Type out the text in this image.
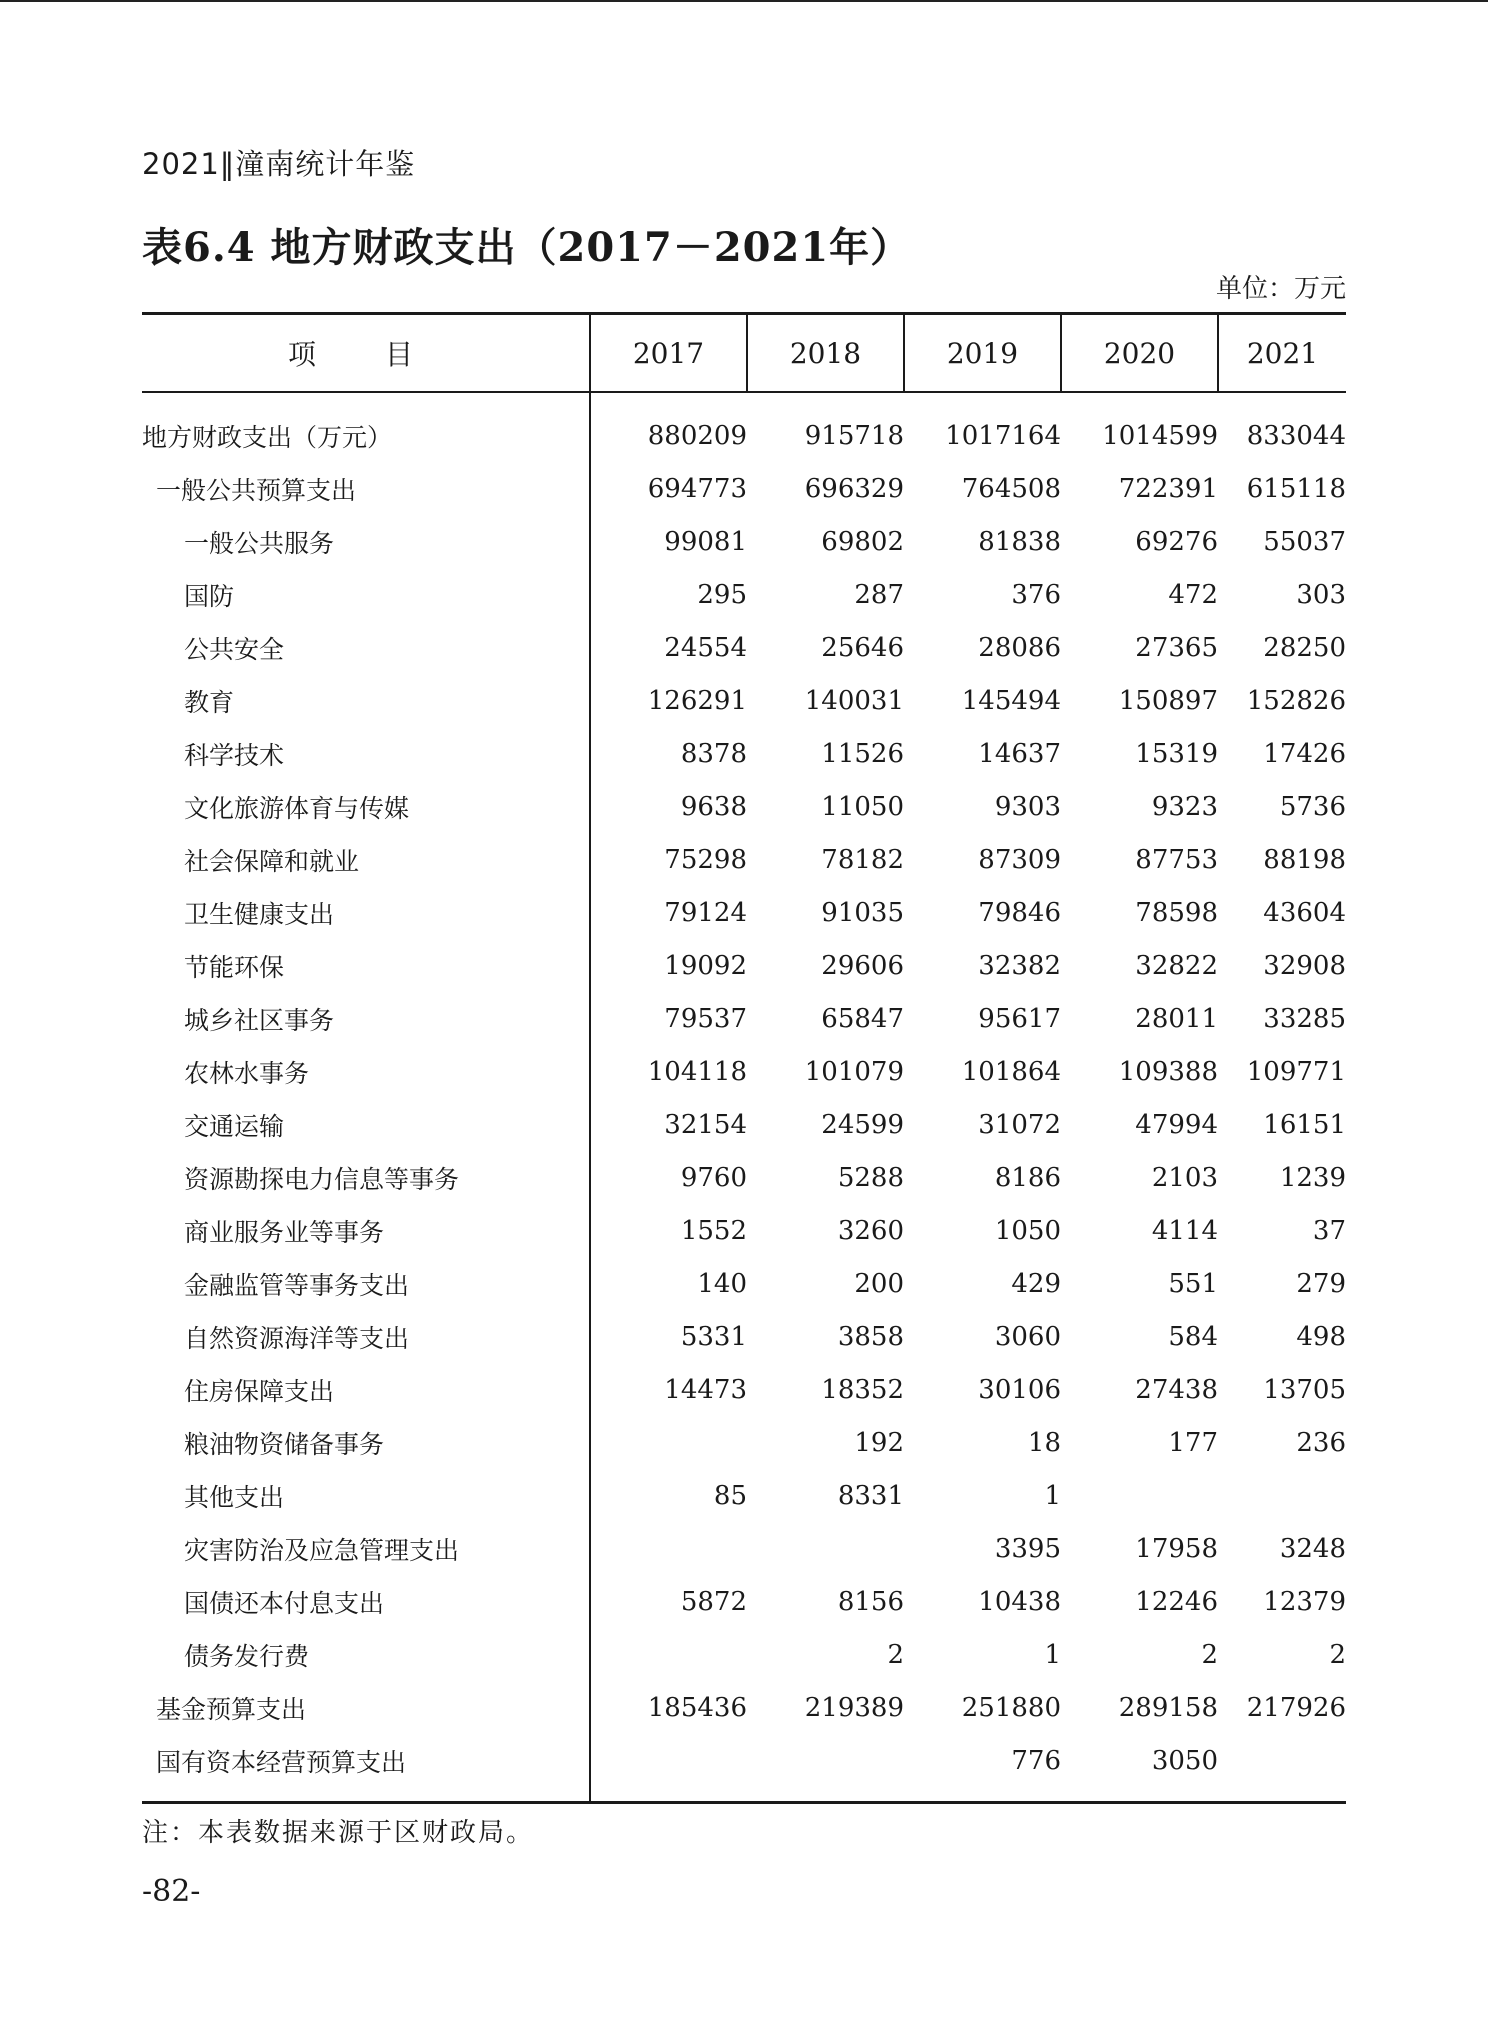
2021‖潼南统计年鉴
表6.4 地方财政支出（2017－2021年）
单位：万元
项 目	2017	2018	2019	2020	2021
地方财政支出（万元）	880209	915718	1017164	1014599	833044
一般公共预算支出	694773	696329	764508	722391	615118
一般公共服务	99081	69802	81838	69276	55037
国防	295	287	376	472	303
公共安全	24554	25646	28086	27365	28250
教育	126291	140031	145494	150897	152826
科学技术	8378	11526	14637	15319	17426
文化旅游体育与传媒	9638	11050	9303	9323	5736
社会保障和就业	75298	78182	87309	87753	88198
卫生健康支出	79124	91035	79846	78598	43604
节能环保	19092	29606	32382	32822	32908
城乡社区事务	79537	65847	95617	28011	33285
农林水事务	104118	101079	101864	109388	109771
交通运输	32154	24599	31072	47994	16151
资源勘探电力信息等事务	9760	5288	8186	2103	1239
商业服务业等事务	1552	3260	1050	4114	37
金融监管等事务支出	140	200	429	551	279
自然资源海洋等支出	5331	3858	3060	584	498
住房保障支出	14473	18352	30106	27438	13705
粮油物资储备事务		192	18	177	236
其他支出	85	8331	1		
灾害防治及应急管理支出			3395	17958	3248
国债还本付息支出	5872	8156	10438	12246	12379
债务发行费		2	1	2	2
基金预算支出	185436	219389	251880	289158	217926
国有资本经营预算支出			776	3050	
注：本表数据来源于区财政局。
-82-
